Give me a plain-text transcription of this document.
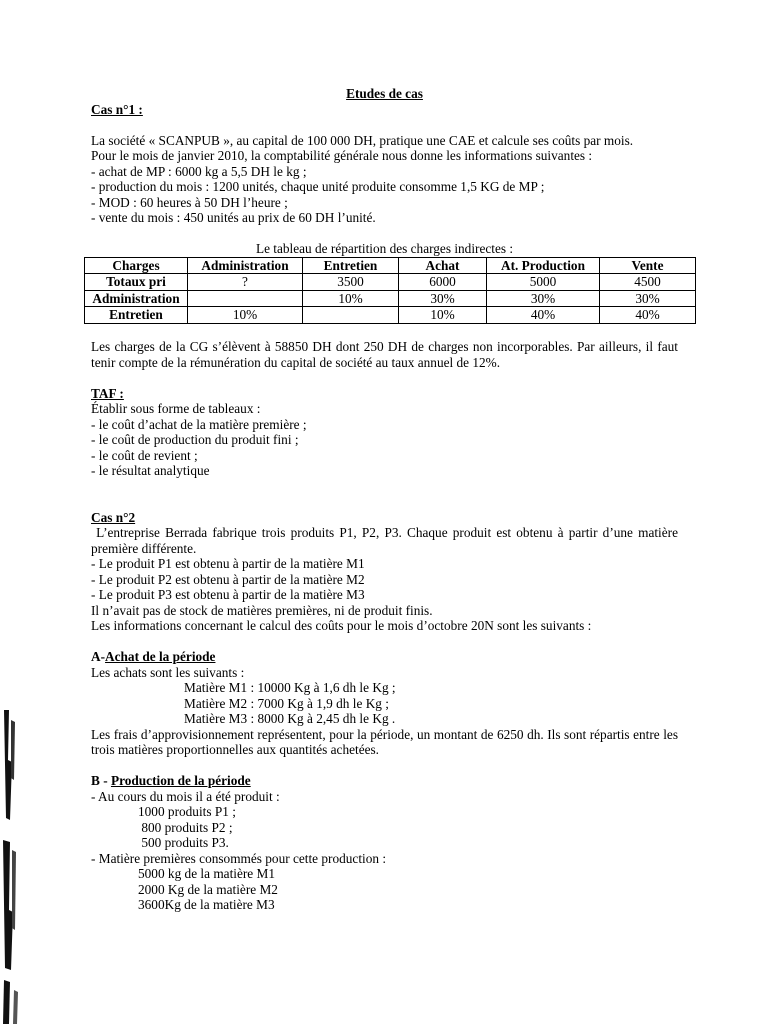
Etudes de cas

Cas n°1 :

La société « SCANPUB », au capital de 100 000 DH, pratique une CAE et calcule ses coûts par mois.

Pour le mois de janvier 2010, la comptabilité générale nous donne les informations suivantes :

- achat de MP : 6000 kg a 5,5 DH le kg ;

- production du mois : 1200 unités, chaque unité produite consomme 1,5 KG de MP ;

- MOD : 60 heures à 50 DH l’heure ;

- vente du mois : 450 unités au prix de 60 DH l’unité.

Le tableau de répartition des charges indirectes :

Charges	Administration	Entretien	Achat	At. Production	Vente
Totaux pri	?	3500	6000	5000	4500
Administration		10%	30%	30%	30%
Entretien	10%		10%	40%	40%

Les charges de la CG s’élèvent à 58850 DH dont 250 DH de charges non incorporables. Par ailleurs, il faut tenir compte de la rémunération du capital de société au taux annuel de 12%.

TAF :

Établir sous forme de tableaux :

- le coût d’achat de la matière première ;

- le coût de production du produit fini ;

- le coût de revient ;

- le résultat analytique

Cas n°2

L’entreprise Berrada fabrique trois produits P1, P2, P3. Chaque produit est obtenu à partir d’une matière première différente.

- Le produit P1 est obtenu à partir de la matière M1

- Le produit P2 est obtenu à partir de la matière M2

- Le produit P3 est obtenu à partir de la matière M3

Il n’avait pas de stock de matières premières, ni de produit finis.

Les informations concernant le calcul des coûts pour le mois d’octobre 20N sont les suivants :

A-Achat de la période

Les achats sont les suivants :

Matière M1 : 10000 Kg à 1,6 dh le Kg ;

Matière M2 : 7000 Kg à 1,9 dh le Kg ;

Matière M3 : 8000 Kg à 2,45 dh le Kg .

Les frais d’approvisionnement représentent, pour la période, un montant de 6250 dh. Ils sont répartis entre les trois matières proportionnelles aux quantités achetées.

B - Production de la période

- Au cours du mois il a été produit :

1000 produits P1 ;

800 produits P2 ;

500 produits P3.

- Matière premières consommés pour cette production :

5000 kg de la matière M1

2000 Kg de la matière M2

3600Kg de la matière M3
